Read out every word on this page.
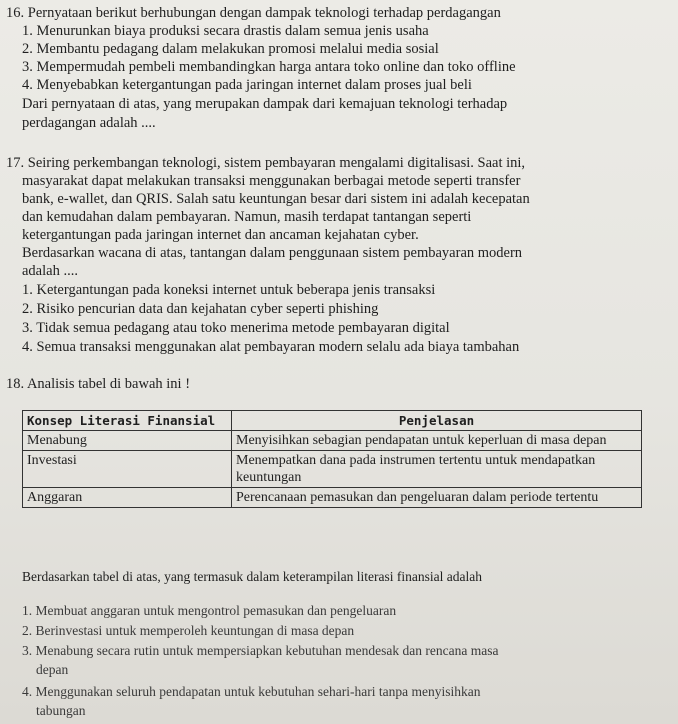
16. Pernyataan berikut berhubungan dengan dampak teknologi terhadap perdagangan
1. Menurunkan biaya produksi secara drastis dalam semua jenis usaha
2. Membantu pedagang dalam melakukan promosi melalui media sosial
3. Mempermudah pembeli membandingkan harga antara toko online dan toko offline
4. Menyebabkan ketergantungan pada jaringan internet dalam proses jual beli
Dari pernyataan di atas, yang merupakan dampak dari kemajuan teknologi terhadap
perdagangan adalah ....
17. Seiring perkembangan teknologi, sistem pembayaran mengalami digitalisasi. Saat ini,
masyarakat dapat melakukan transaksi menggunakan berbagai metode seperti transfer
bank, e-wallet, dan QRIS. Salah satu keuntungan besar dari sistem ini adalah kecepatan
dan kemudahan dalam pembayaran. Namun, masih terdapat tantangan seperti
ketergantungan pada jaringan internet dan ancaman kejahatan cyber.
Berdasarkan wacana di atas, tantangan dalam penggunaan sistem pembayaran modern
adalah ....
1. Ketergantungan pada koneksi internet untuk beberapa jenis transaksi
2. Risiko pencurian data dan kejahatan cyber seperti phishing
3. Tidak semua pedagang atau toko menerima metode pembayaran digital
4. Semua transaksi menggunakan alat pembayaran modern selalu ada biaya tambahan
18. Analisis tabel di bawah ini !
Konsep Literasi Finansial	Penjelasan
Menabung	Menyisihkan sebagian pendapatan untuk keperluan di masa depan
Investasi	Menempatkan dana pada instrumen tertentu untuk mendapatkan keuntungan
Anggaran	Perencanaan pemasukan dan pengeluaran dalam periode tertentu
Berdasarkan tabel di atas, yang termasuk dalam keterampilan literasi finansial adalah
1. Membuat anggaran untuk mengontrol pemasukan dan pengeluaran
2. Berinvestasi untuk memperoleh keuntungan di masa depan
3. Menabung secara rutin untuk mempersiapkan kebutuhan mendesak dan rencana masa
depan
4. Menggunakan seluruh pendapatan untuk kebutuhan sehari-hari tanpa menyisihkan
tabungan
